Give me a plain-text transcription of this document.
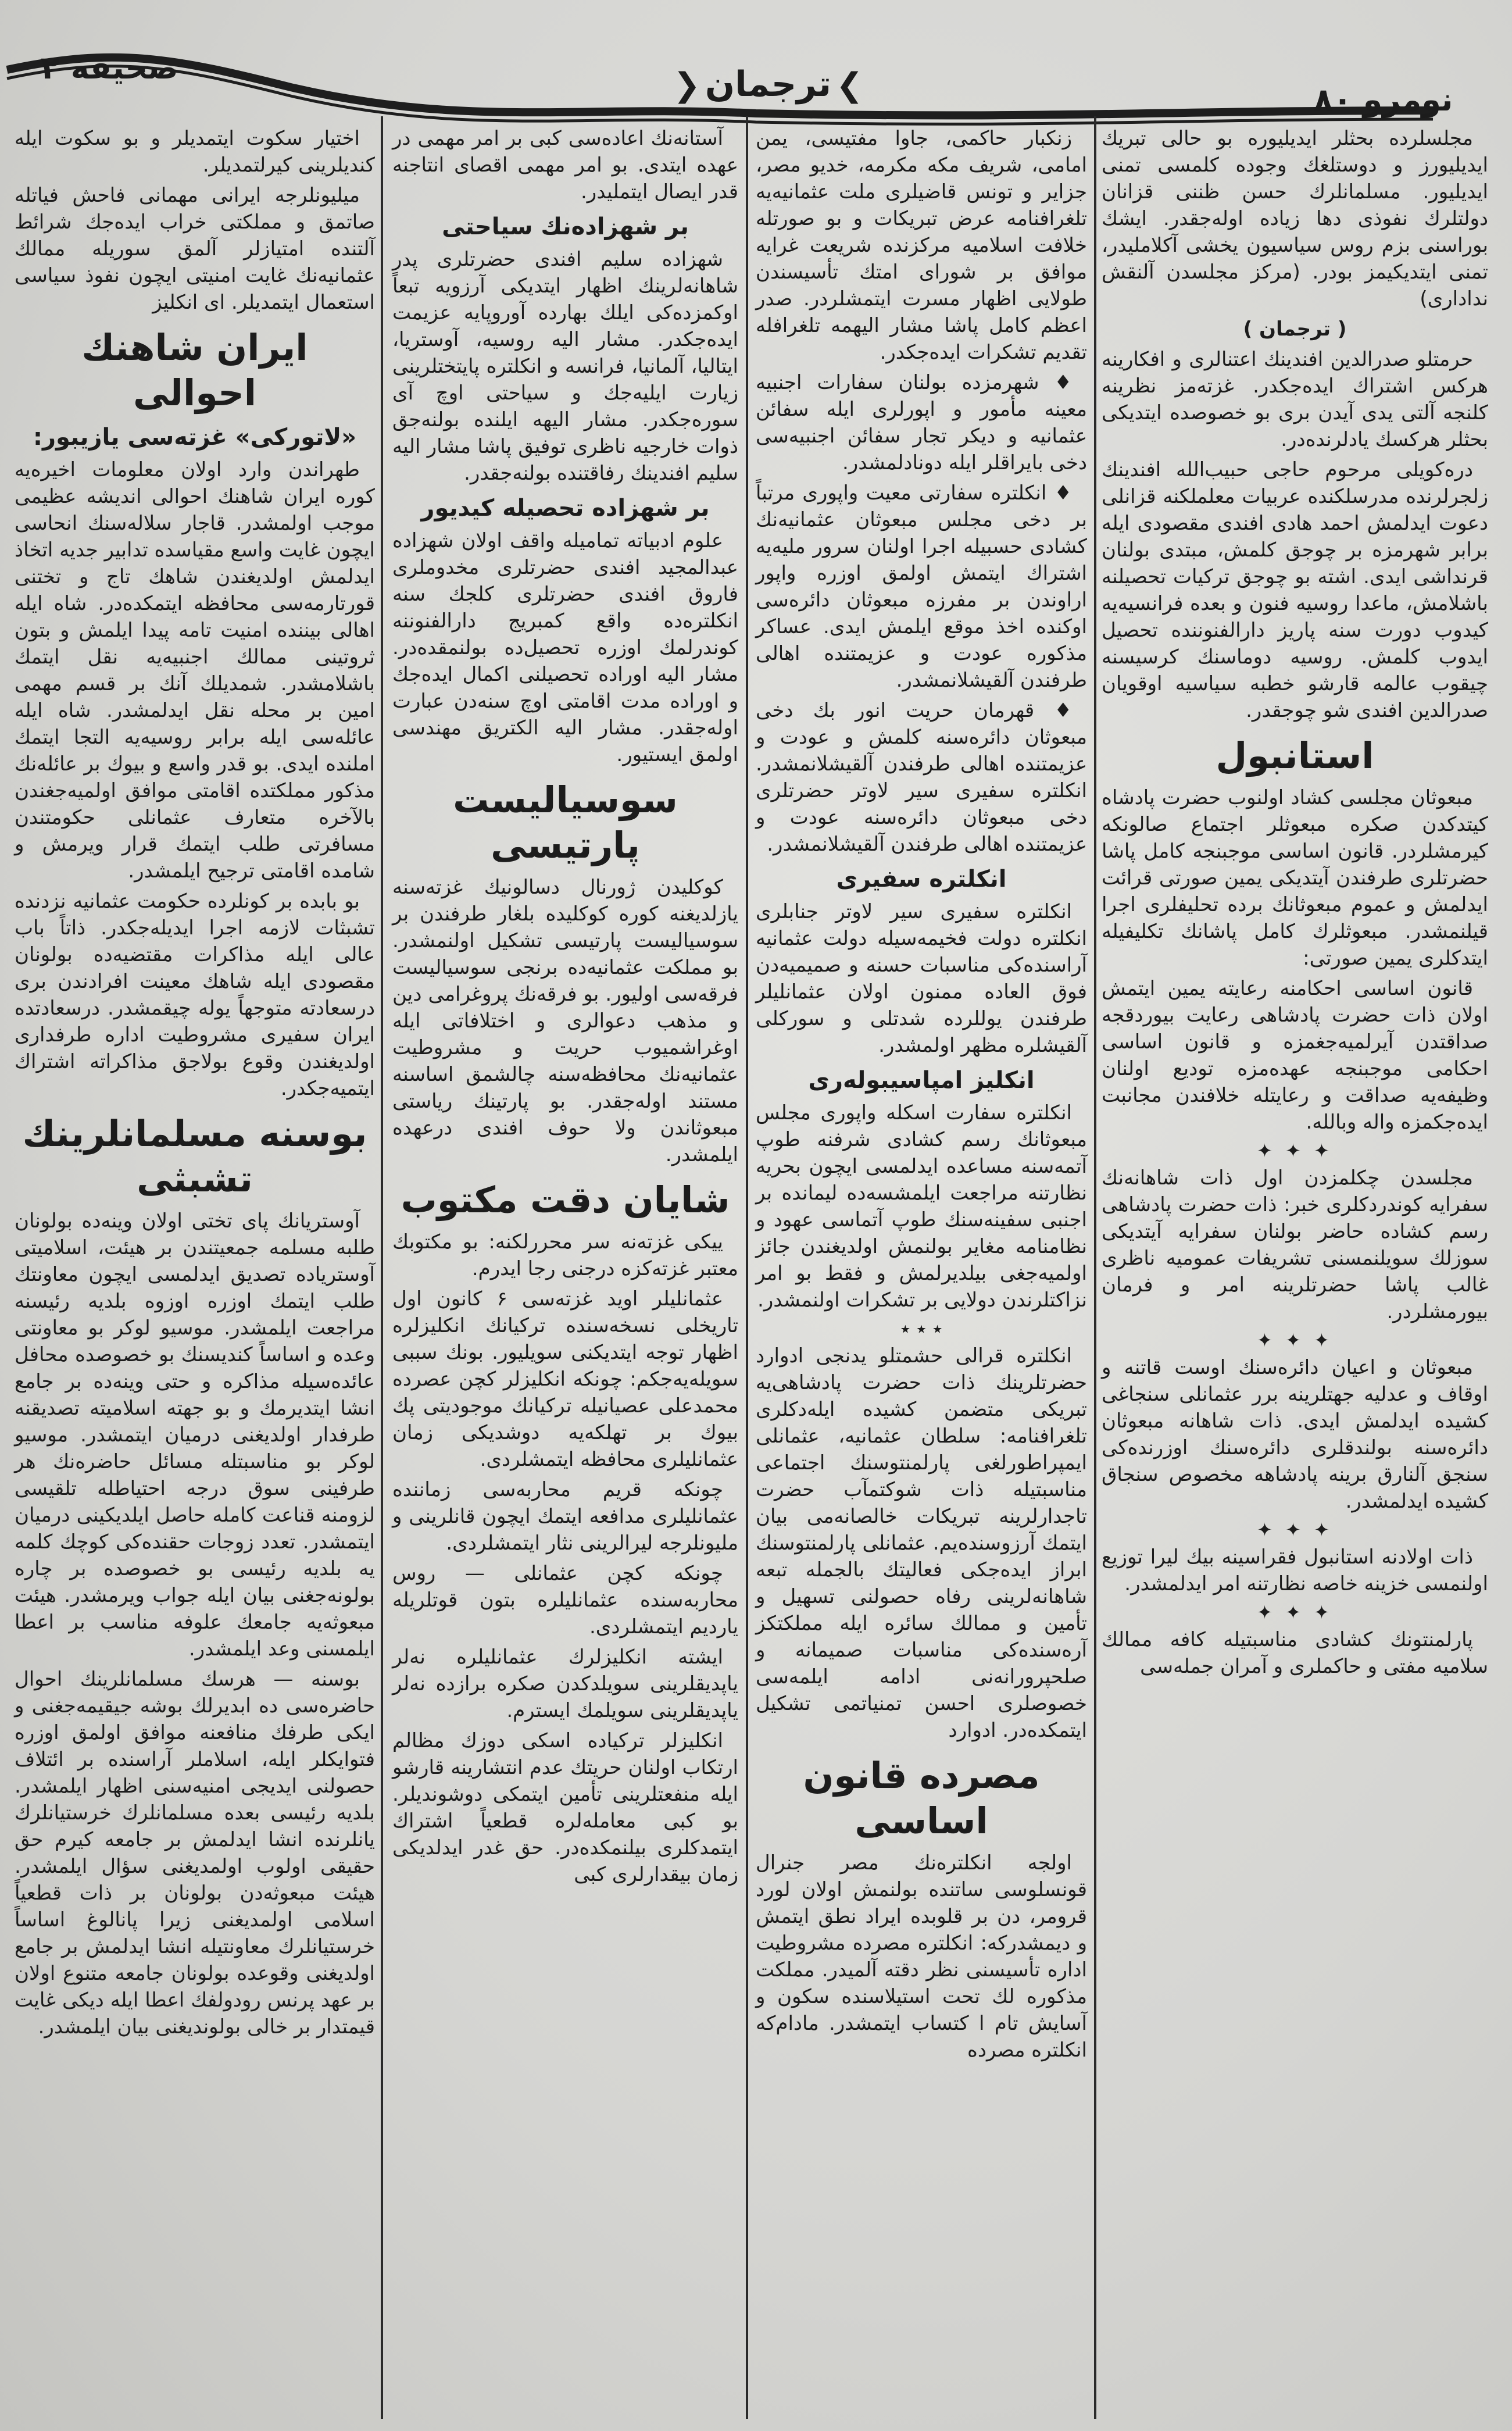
صحیفه ۲	❯ترجمان❮	نومرو ۸۰

مجلسلرده بحثلر ایدیلیوره بو حالی تبریك ایدیلیورز و دوستلغك وجوده كلمسی تمنی ایدیلیور. مسلمانلرك حسن ظننی قزانان دولتلرك نفوذی دها زیاده اوله‌جقدر. ایشك بوراسنی بزم روس سیاسیون یخشی آكلاملیدر، تمنی ایتدیكیمز بودر. (مركز مجلسدن آلنقش نداداری)

( ترجمان )

حرمتلو صدرالدین افندینك اعتنالری و افكارینه هركس اشتراك ایده‌جكدر. غزته‌مز نظرینه كلنجه آلتی یدی آیدن بری بو خصوصده ایتدیكی بحثلر هركسك یادلرنده‌در.

دره‌كویلی مرحوم حاجی حبیب‌الله افندینك زلجرلرنده مدرسلكنده عربیات معلملكنه قزانلی دعوت ایدلمش احمد هادی افندی مقصودی ایله برابر شهرمزه بر چوجق كلمش، مبتدی بولنان قرنداشی ایدی. اشته بو چوجق تركیات تحصیلنه باشلامش، ماعدا روسیه فنون و بعده فرانسیه‌یه كیدوب دورت سنه پاریز دارالفنوننده تحصیل ایدوب كلمش. روسیه دوماسنك كرسیسنه چیقوب عالمه قارشو خطبه سیاسیه اوقویان صدرالدین افندی شو چوجقدر.

استانبول

مبعوثان مجلسی كشاد اولنوب حضرت پادشاه كیتدكدن صكره مبعوثلر اجتماع صالونكه كیرمشلردر. قانون اساسی موجبنجه كامل پاشا حضرتلری طرفندن آیتدیكی یمین صورتی قرائت ایدلمش و عموم مبعوثانك برده تحلیفلری اجرا قیلنمشدر. مبعوثلرك كامل پاشانك تكلیفیله ایتدكلری یمین صورتی:

قانون اساسی احكامنه رعایته یمین ایتمش اولان ذات حضرت پادشاهی رعایت بیوردقجه صداقتدن آیرلمیه‌جغمزه و قانون اساسی احكامی موجبنجه عهده‌مزه تودیع اولنان وظیفه‌یه صداقت و رعایتله خلافندن مجانبت ایده‌جكمزه واله وبالله.

✦ ✦ ✦

مجلسدن چكلمزدن اول ذات شاهانه‌نك سفرایه كوندردكلری خبر: ذات حضرت پادشاهی رسم كشاده حاضر بولنان سفرایه آیتدیكی سوزلك سویلنمسنی تشریفات عمومیه ناظری غالب پاشا حضرتلرینه امر و فرمان بیورمشلردر.

✦ ✦ ✦

مبعوثان و اعیان دائره‌سنك اوست قاتنه و اوقاف و عدلیه جهتلرینه برر عثمانلی سنجاغی كشیده ایدلمش ایدی. ذات شاهانه مبعوثان دائره‌سنه بولندقلری دائره‌سنك اوزرنده‌كی سنجق آلنارق برینه پادشاهه مخصوص سنجاق كشیده ایدلمشدر.

✦ ✦ ✦

ذات اولادنه استانبول فقراسینه بیك لیرا توزیع اولنمسی خزینه خاصه نظارتنه امر ایدلمشدر.

✦ ✦ ✦

پارلمنتونك كشادی مناسبتیله كافه ممالك سلامیه مفتی و حاكملری و آمران جمله‌سی

زنكبار حاكمی، جاوا مفتیسی، یمن امامی، شریف مكه مكرمه، خدیو مصر، جزایر و تونس قاضیلری ملت عثمانیه‌یه تلغرافنامه عرض تبریكات و بو صورتله خلافت اسلامیه مركزنده شریعت غرایه موافق بر شورای امتك تأسیسندن طولایی اظهار مسرت ایتمشلردر. صدر اعظم كامل پاشا مشار الیهمه تلغرافله تقدیم تشكرات ایده‌جكدر.

♦ شهرمزده بولنان سفارات اجنبیه معینه مأمور و اپورلری ایله سفائن عثمانیه و دیكر تجار سفائن اجنبیه‌سی دخی بایراقلر ایله دونادلمشدر.

♦ انكلتره سفارتی معیت واپوری مرتباً بر دخی مجلس مبعوثان عثمانیه‌نك كشادی حسبیله اجرا اولنان سرور ملیه‌یه اشتراك ایتمش اولمق اوزره واپور اراوندن بر مفرزه مبعوثان دائره‌سی اوكنده اخذ موقع ایلمش ایدی. عساكر مذكوره عودت و عزیمتنده اهالی طرفندن آلقیشلانمشدر.

♦ قهرمان حریت انور بك دخی مبعوثان دائره‌سنه كلمش و عودت و عزیمتنده اهالی طرفندن آلقیشلانمشدر. انكلتره سفیری سیر لاوتر حضرتلری دخی مبعوثان دائره‌سنه عودت و عزیمتنده اهالی طرفندن آلقیشلانمشدر.

انكلتره سفیری

انكلتره سفیری سیر لاوتر جنابلری انكلتره دولت فخیمه‌سیله دولت عثمانیه آراسنده‌كی مناسبات حسنه و صمیمیه‌دن فوق العاده ممنون اولان عثمانلیلر طرفندن یوللرده شدتلی و سوركلی آلقیشلره مظهر اولمشدر.

انكلیز امپاسیبوله‌ری

انكلتره سفارت اسكله واپوری مجلس مبعوثانك رسم كشادی شرفنه طوپ آتمه‌سنه مساعده ایدلمسی ایچون بحریه نظارتنه مراجعت ایلمشسه‌ده لیمانده بر اجنبی سفینه‌سنك طوپ آتماسی عهود و نظامنامه مغایر بولنمش اولدیغندن جائز اولمیه‌جغی بیلدیرلمش و فقط بو امر نزاكتلرندن دولایی بر تشكرات اولنمشدر.

٭ ٭ ٭

انكلتره قرالی حشمتلو یدنجی ادوارد حضرتلرینك ذات حضرت پادشاهی‌یه تبریكی متضمن كشیده ایله‌دكلری تلغرافنامه: سلطان عثمانیه، عثمانلی ایمپراطورلغی پارلمنتوسنك اجتماعی مناسبتیله ذات شوكتمآب حضرت تاجدارلرینه تبریكات خالصانه‌می بیان ایتمك آرزوسنده‌یم. عثمانلی پارلمنتوسنك ابراز ایده‌جكی فعالیتك بالجمله تبعه شاهانه‌لرینی رفاه حصولنی تسهیل و تأمین و ممالك سائره ایله مملكتكز آره‌سنده‌كی مناسبات صمیمانه و صلحپرورانه‌نی ادامه ایلمه‌سی خصوصلری احسن تمنیاتمی تشكیل ایتمكده‌در. ادوارد

مصرده قانون اساسی

اولجه انكلتره‌نك مصر جنرال قونسلوسی ساتنده بولنمش اولان لورد قرومر، دن بر قلوبده ایراد نطق ایتمش و دیمشدركه: انكلتره مصرده مشروطیت اداره تأسیسنی نظر دقته آلمیدر. مملكت مذكوره لك تحت استیلاسنده سكون و آسایش تام ا كتساب ایتمشدر. مادام‌كه انكلتره مصرده

آستانه‌نك اعاده‌سی كبی بر امر مهمی در عهده ایتدی. بو امر مهمی اقصای انتاجنه قدر ایصال ایتملیدر.

بر شهزاده‌نك سیاحتی

شهزاده سلیم افندی حضرتلری پدر شاهانه‌لرینك اظهار ایتدیكی آرزویه تبعاً اوكمزده‌كی ایلك بهارده آوروپایه عزیمت ایده‌جكدر. مشار الیه روسیه، آوستریا، ایتالیا، آلمانیا، فرانسه و انكلتره پایتختلرینی زیارت ایلیه‌جك و سیاحتی اوچ آی سوره‌جكدر. مشار الیهه ایلنده بولنه‌جق ذوات خارجیه ناظری توفیق پاشا مشار الیه سلیم افندینك رفاقتنده بولنه‌جقدر.

بر شهزاده تحصیله كیدیور

علوم ادبیاته تمامیله واقف اولان شهزاده عبدالمجید افندی حضرتلری مخدوملری فاروق افندی حضرتلری كلجك سنه انكلتره‌ده واقع كمبریج دارالفنوننه كوندرلمك اوزره تحصیل‌ده بولنمقده‌در. مشار الیه اوراده تحصیلنی اكمال ایده‌جك و اوراده مدت اقامتی اوچ سنه‌دن عبارت اوله‌جقدر. مشار الیه الكتریق مهندسی اولمق ایستیور.

سوسیالیست پارتیسی

كوكلیدن ژورنال دسالونیك غزته‌سنه یازلدیغنه كوره كوكلیده بلغار طرفندن بر سوسیالیست پارتیسی تشكیل اولنمشدر. بو مملكت عثمانیه‌ده برنجی سوسیالیست فرقه‌سی اولیور. بو فرقه‌نك پروغرامی دین و مذهب دعوالری و اختلافاتی ایله اوغراشمیوب حریت و مشروطیت عثمانیه‌نك محافظه‌سنه چالشمق اساسنه مستند اوله‌جقدر. بو پارتینك ریاستی مبعوثاندن ولا حوف افندی درعهده ایلمشدر.

شایان دقت مكتوب

ییكی غزته‌نه سر محررلكنه: بو مكتوبك معتبر غزته‌كزه درجنی رجا ایدرم.

عثمانلیلر اوید غزته‌سی ۶ كانون اول تاریخلی نسخه‌سنده تركیانك انكلیزلره اظهار توجه ایتدیكنی سویلیور. بونك سببی سویله‌یه‌جكم: چونكه انكلیزلر كچن عصرده محمدعلی عصیانیله تركیانك موجودیتی پك بیوك بر تهلكه‌یه دوشدیكی زمان عثمانلیلری محافظه ایتمشلردی.

چونكه قریم محاربه‌سی زماننده عثمانلیلری مدافعه ایتمك ایچون قانلرینی و ملیونلرجه لیرالرینی نثار ایتمشلردی.

چونكه كچن عثمانلی — روس محاربه‌سنده عثمانلیلره بتون قوتلریله یاردیم ایتمشلردی.

ایشته انكلیزلرك عثمانلیلره نه‌لر یاپدیقلرینی سویلدكدن صكره برازده نه‌لر یاپدیقلرینی سویلمك ایسترم.

انكلیزلر تركیاده اسكی دوزك مظالم ارتكاب اولنان حریتك عدم انتشارینه قارشو ایله منفعتلرینی تأمین ایتمكی دوشوندیلر. بو كبی معامله‌لره قطعیاً اشتراك ایتمدكلری بیلنمكده‌در. حق غدر ایدلدیكی زمان بیقدارلری كبی

اختیار سكوت ایتمدیلر و بو سكوت ایله كندیلرینی كیرلتمدیلر.

میلیونلرجه ایرانی مهمانی فاحش فیاتله صاتمق و مملكتی خراب ایده‌جك شرائط آلتنده امتیازلر آلمق سوریله ممالك عثمانیه‌نك غایت امنیتی ایچون نفوذ سیاسی استعمال ایتمدیلر. ای انكلیز

ایران شاهنك احوالی
«لاتوركی» غزته‌سی یازیبور:

طهراندن وارد اولان معلومات اخیره‌یه كوره ایران شاهنك احوالی اندیشه عظیمی موجب اولمشدر. قاجار سلاله‌سنك انحاسی ایچون غایت واسع مقیاسده تدابیر جدیه اتخاذ ایدلمش اولدیغندن شاهك تاج و تختنی قورتارمه‌سی محافظه ایتمكده‌در. شاه ایله اهالی بیننده امنیت تامه پیدا ایلمش و بتون ثروتینی ممالك اجنبیه‌یه نقل ایتمك باشلامشدر. شمدیلك آنك بر قسم مهمی امین بر محله نقل ایدلمشدر. شاه ایله عائله‌سی ایله برابر روسیه‌یه التجا ایتمك املنده ایدی. بو قدر واسع و بیوك بر عائله‌نك مذكور مملكتده اقامتی موافق اولمیه‌جغندن بالآخره متعارف عثمانلی حكومتندن مسافرتی طلب ایتمك قرار ویرمش و شامده اقامتی ترجیح ایلمشدر.

بو بابده بر كونلرده حكومت عثمانیه نزدنده تشبثات لازمه اجرا ایدیله‌جكدر. ذاتاً باب عالی ایله مذاكرات مقتضیه‌ده بولونان مقصودی ایله شاهك معینت افرادندن بری درسعادته متوجهاً یوله چیقمشدر. درسعادتده ایران سفیری مشروطیت اداره طرفداری اولدیغندن وقوع بولاجق مذاكراته اشتراك ایتمیه‌جكدر.

بوسنه مسلمانلرینك تشبثی

آوستریانك پای تختی اولان وینه‌ده بولونان طلبه مسلمه جمعیتندن بر هیئت، اسلامیتی آوستریاده تصدیق ایدلمسی ایچون معاونتك طلب ایتمك اوزره اوزوه بلدیه رئیسنه مراجعت ایلمشدر. موسیو لوكر بو معاونتی وعده و اساساً كندیسنك بو خصوصده محافل عائده‌سیله مذاكره و حتی وینه‌ده بر جامع انشا ایتدیرمك و بو جهته اسلامیته تصدیقنه طرفدار اولدیغنی درمیان ایتمشدر. موسیو لوكر بو مناسبتله مسائل حاضره‌نك هر طرفینی سوق درجه احتیاطله تلقیسی لزومنه قناعت كامله حاصل ایلدیكینی درمیان ایتمشدر. تعدد زوجات حقنده‌كی كوچك كلمه‌ یه بلدیه رئیسی بو خصوصده بر چاره بولونه‌جغنی بیان ایله جواب ویرمشدر. هیئت مبعوثه‌یه جامعك علوفه مناسب بر اعطا ایلمسنی وعد ایلمشدر.

بوسنه — هرسك مسلمانلرینك احوال حاضره‌سی ده ابدیرلك بوشه جیقیمه‌جغنی و ایكی طرفك منافعنه موافق اولمق اوزره فتوایكلر ایله، اسلاملر آراسنده بر ائتلاف حصولنی ایدیجی امنیه‌سنی اظهار ایلمشدر. بلدیه رئیسی بعده مسلمانلرك خرستیانلرك یانلرنده انشا ایدلمش بر جامعه كیرم حق حقیقی اولوب اولمدیغنی سؤال ایلمشدر. هیئت مبعوثه‌دن بولونان بر ذات قطعیاً اسلامی اولمدیغنی زیرا پانالوغ اساساً خرستیانلرك معاونتیله انشا ایدلمش بر جامع اولدیغنی وقوعده بولونان جامعه متنوع اولان بر عهد پرنس رودولفك اعطا ایله دیكی غایت قیمتدار بر خالی بولوندیغنی بیان ایلمشدر.
